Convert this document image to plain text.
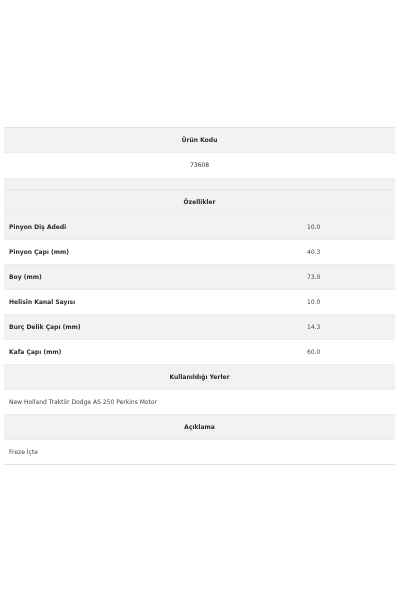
Ürün Kodu
73608
Özellikler
Pinyon Diş Adedi	10.0
Pinyon Çapı (mm)	40.3
Boy (mm)	73.0
Helisin Kanal Sayısı	10.0
Burç Delik Çapı (mm)	14.3
Kafa Çapı (mm)	60.0
Kullanıldığı Yerler
New Holland Traktör Dodge AS 250 Perkins Motor
Açıklama
Freze İçte
